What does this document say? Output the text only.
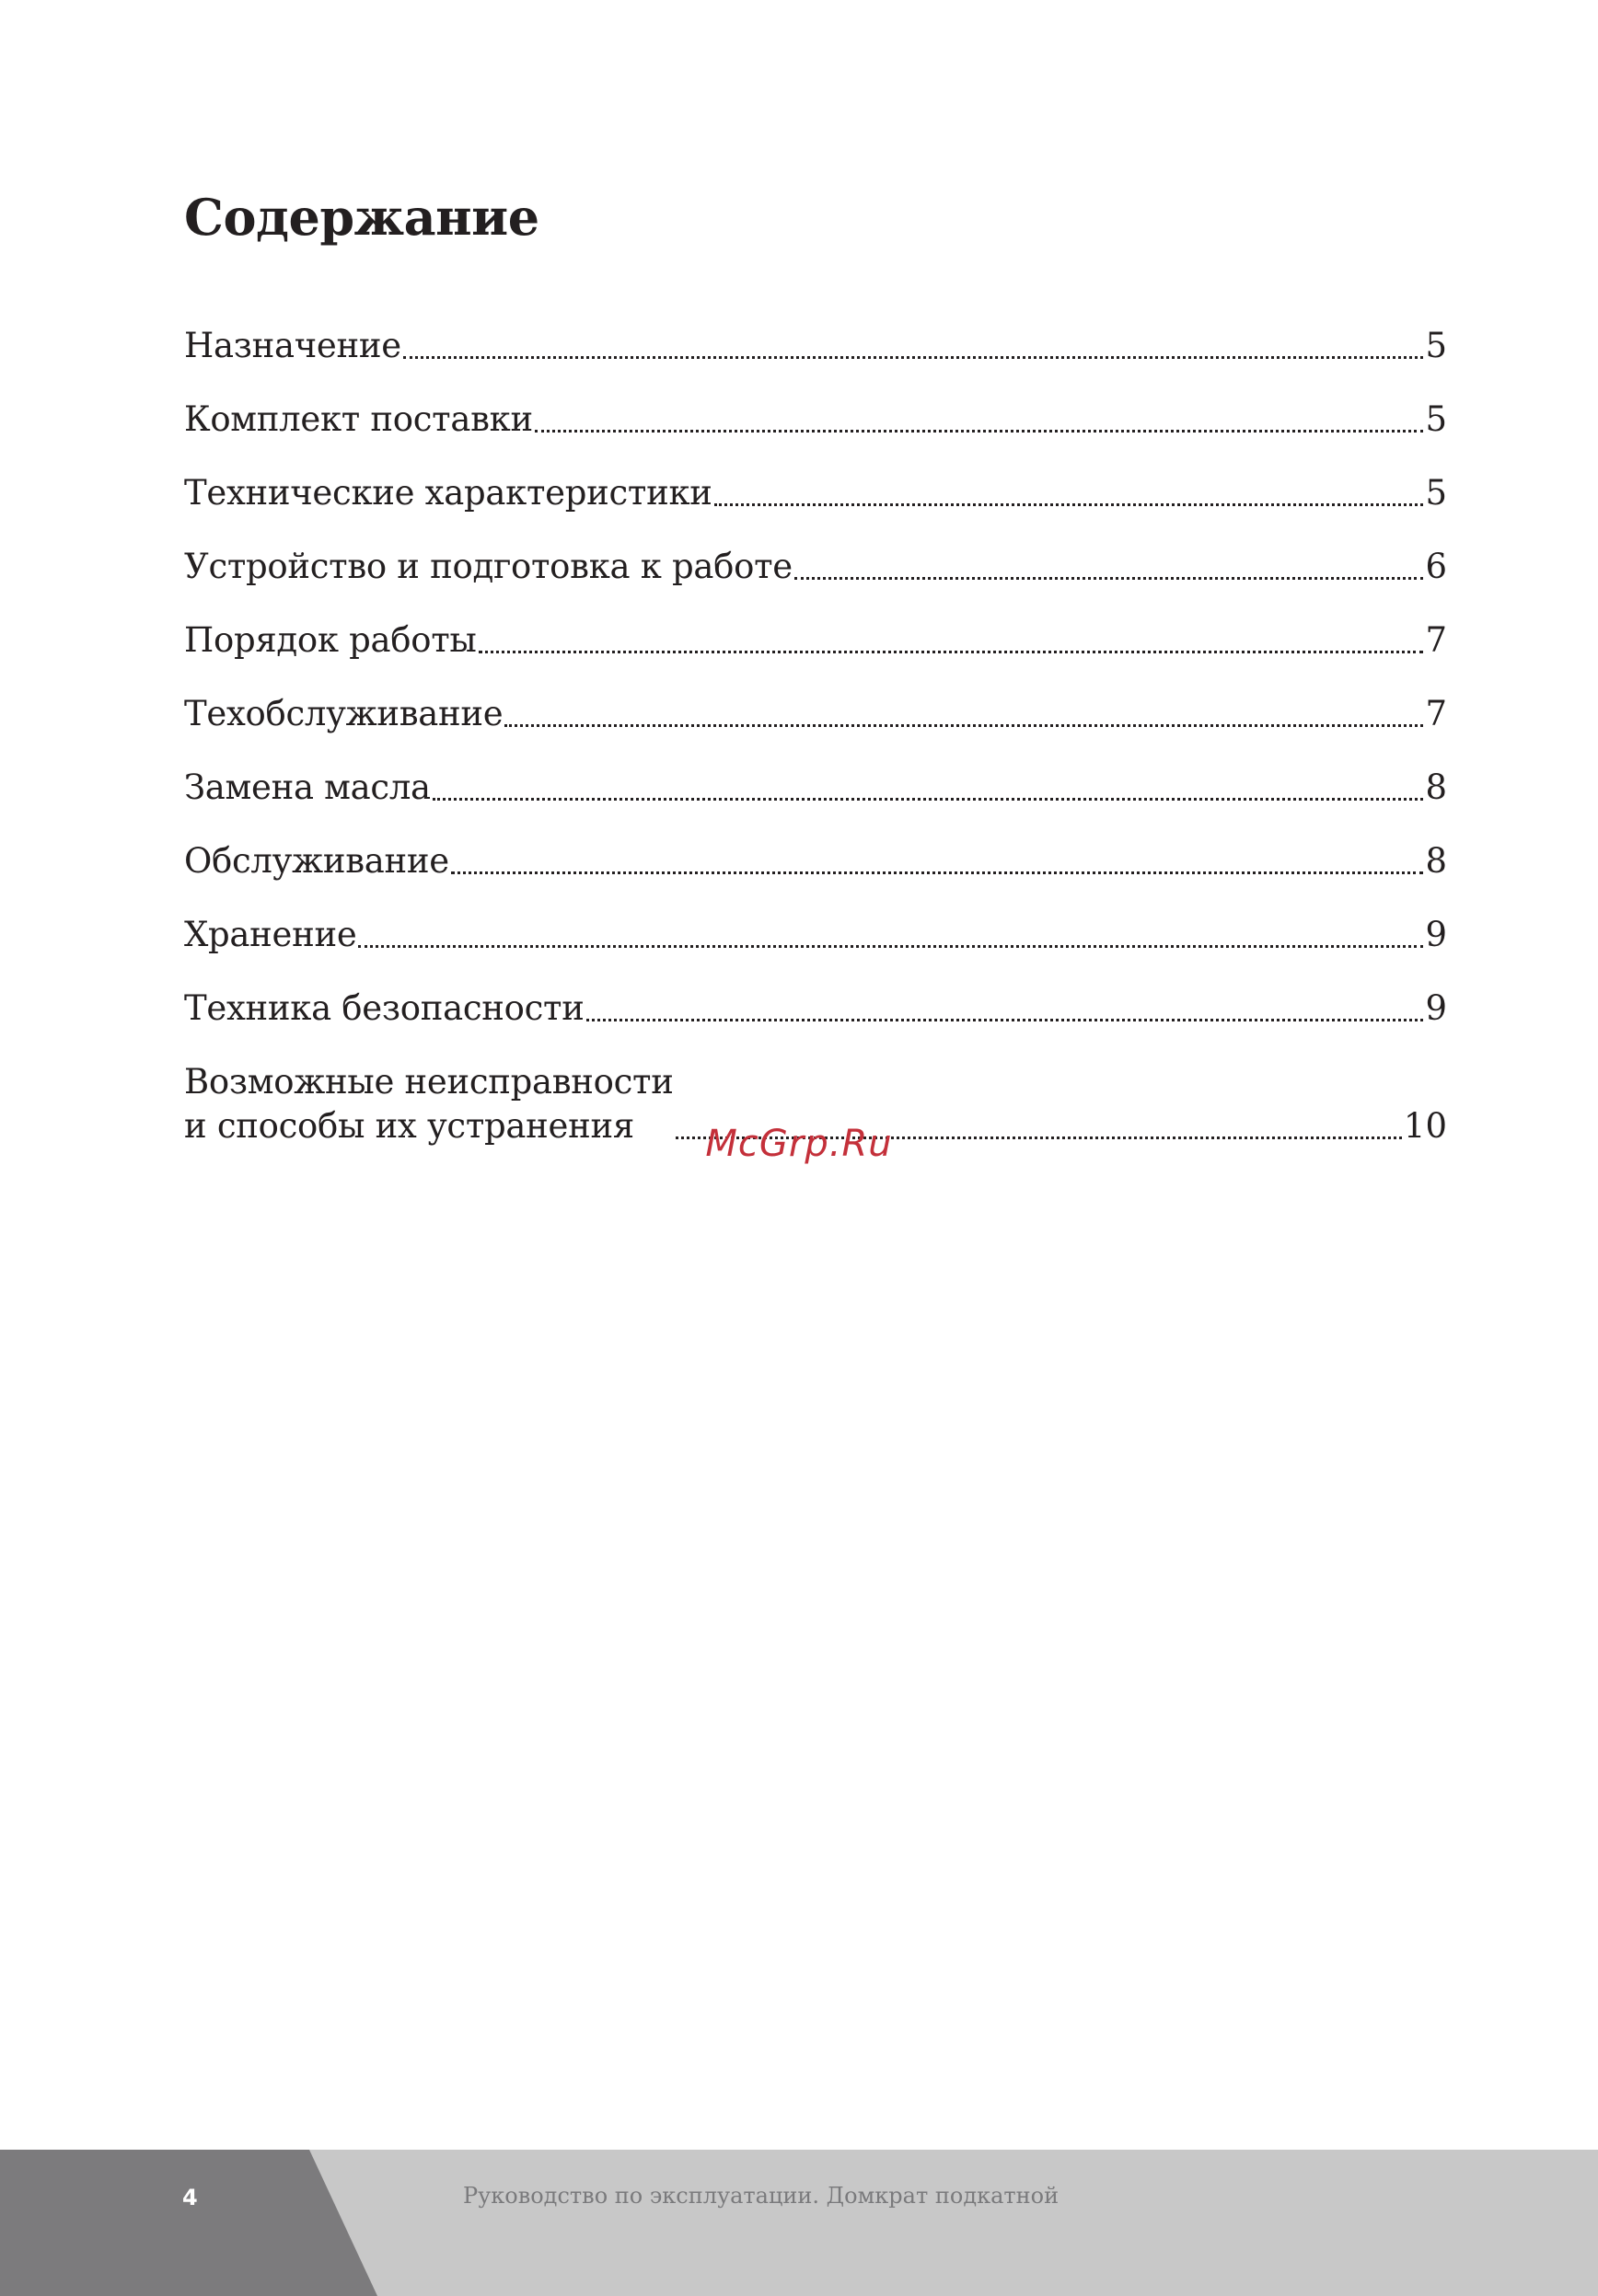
Содержание
Назначение	5
Комплект поставки	5
Технические характеристики	5
Устройство и подготовка к работе	6
Порядок работы	7
Техобслуживание	7
Замена масла	8
Обслуживание	8
Хранение	9
Техника безопасности	9
Возможные неисправности
и способы их устранения	10
McGrp.Ru
4	Руководство по эксплуатации. Домкрат подкатной
